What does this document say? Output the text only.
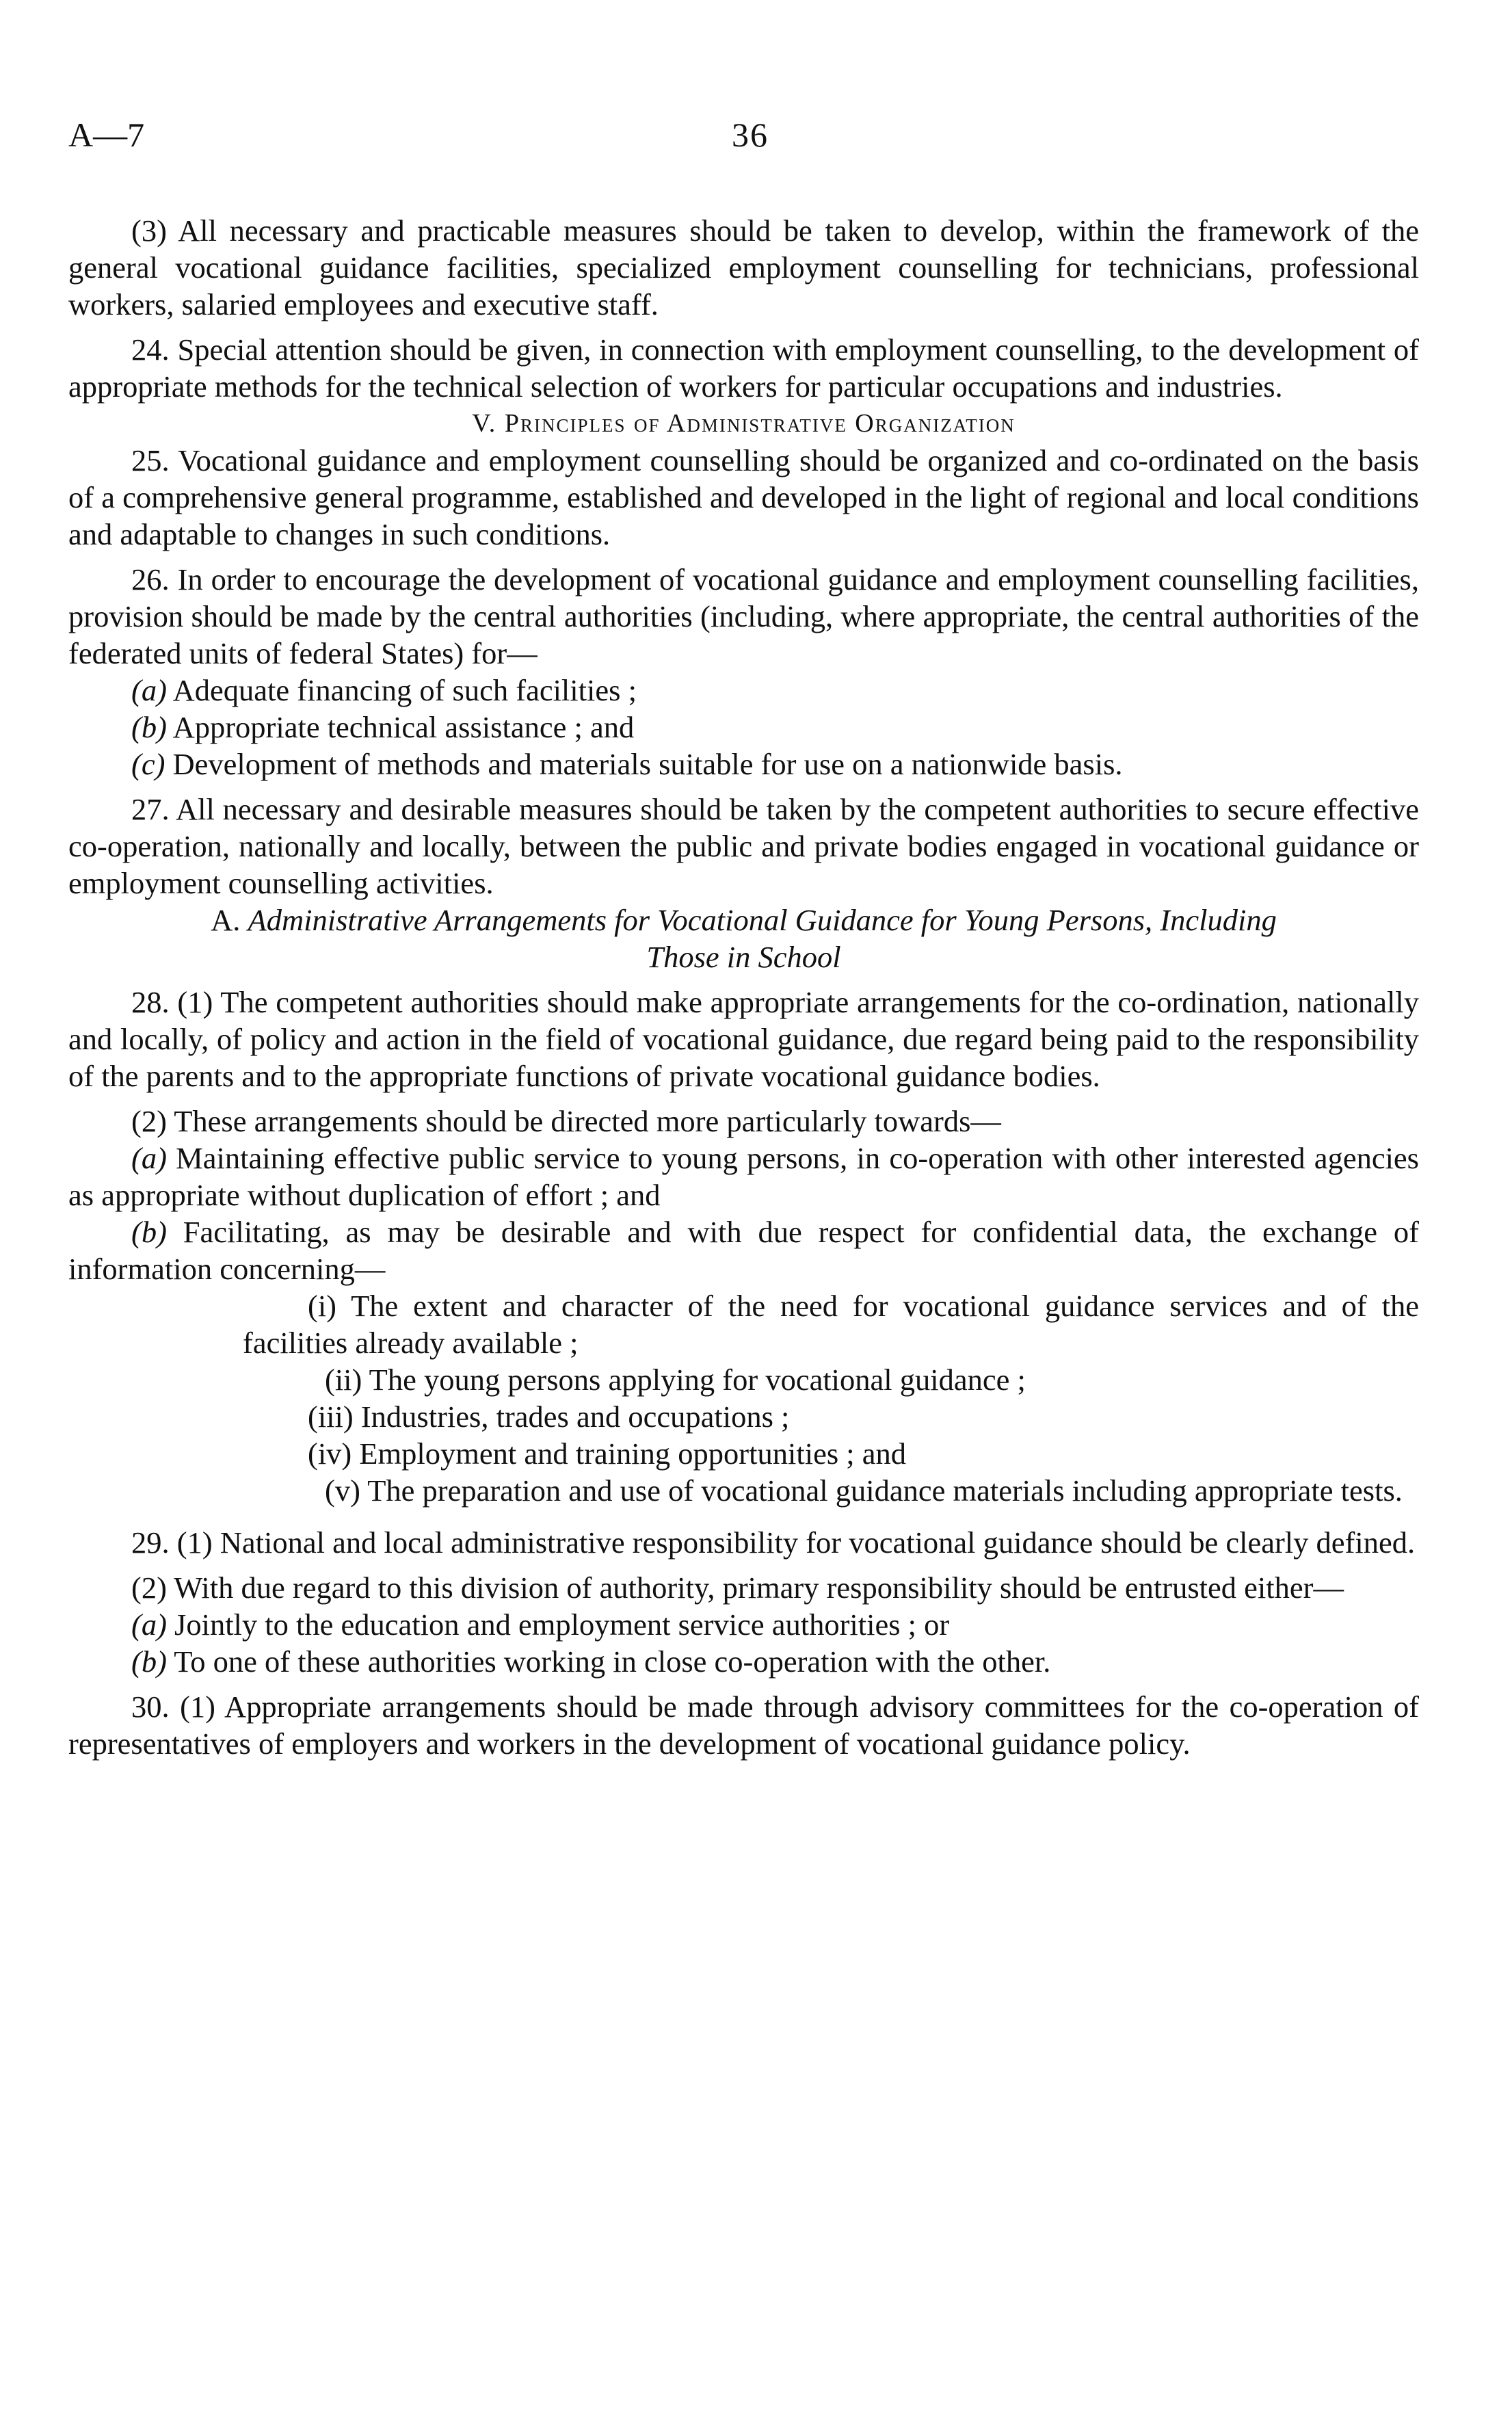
A—7	36

(3) All necessary and practicable measures should be taken to develop, within the framework of the general vocational guidance facilities, specialized employment counselling for technicians, professional workers, salaried employees and executive staff.

24. Special attention should be given, in connection with employment counselling, to the development of appropriate methods for the technical selection of workers for particular occupations and industries.

V. Principles of Administrative Organization

25. Vocational guidance and employment counselling should be organized and co-ordinated on the basis of a comprehensive general programme, established and developed in the light of regional and local conditions and adaptable to changes in such conditions.

26. In order to encourage the development of vocational guidance and employment counselling facilities, provision should be made by the central authorities (including, where appropriate, the central authorities of the federated units of federal States) for—

(a) Adequate financing of such facilities ;

(b) Appropriate technical assistance ; and

(c) Development of methods and materials suitable for use on a nationwide basis.

27. All necessary and desirable measures should be taken by the competent authorities to secure effective co-operation, nationally and locally, between the public and private bodies engaged in vocational guidance or employment counselling activities.

A. Administrative Arrangements for Vocational Guidance for Young Persons, Including
Those in School

28. (1) The competent authorities should make appropriate arrangements for the co-ordination, nationally and locally, of policy and action in the field of vocational guidance, due regard being paid to the responsibility of the parents and to the appropriate functions of private vocational guidance bodies.

(2) These arrangements should be directed more particularly towards—

(a) Maintaining effective public service to young persons, in co-operation with other interested agencies as appropriate without duplication of effort ; and

(b) Facilitating, as may be desirable and with due respect for confidential data, the exchange of information concerning—

(i) The extent and character of the need for vocational guidance services and of the facilities already available ;

(ii) The young persons applying for vocational guidance ;

(iii) Industries, trades and occupations ;

(iv) Employment and training opportunities ; and

(v) The preparation and use of vocational guidance materials including appropriate tests.

29. (1) National and local administrative responsibility for vocational guidance should be clearly defined.

(2) With due regard to this division of authority, primary responsibility should be entrusted either—

(a) Jointly to the education and employment service authorities ; or

(b) To one of these authorities working in close co-operation with the other.

30. (1) Appropriate arrangements should be made through advisory committees for the co-operation of representatives of employers and workers in the development of vocational guidance policy.
